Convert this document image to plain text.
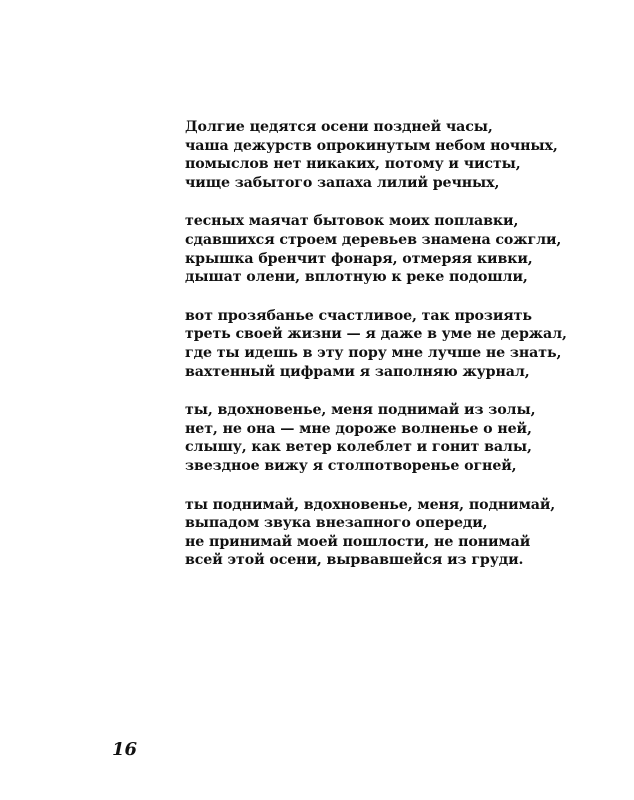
Долгие цедятся осени поздней часы,
чаша дежурств опрокинутым небом ночных,
помыслов нет никаких, потому и чисты,
чище забытого запаха лилий речных,
тесных маячат бытовок моих поплавки,
сдавшихся строем деревьев знамена сожгли,
крышка бренчит фонаря, отмеряя кивки,
дышат олени, вплотную к реке подошли,
вот прозябанье счастливое, так прозиять
треть своей жизни — я даже в уме не держал,
где ты идешь в эту пору мне лучше не знать,
вахтенный цифрами я заполняю журнал,
ты, вдохновенье, меня поднимай из золы,
нет, не она — мне дороже волненье о ней,
слышу, как ветер колеблет и гонит валы,
звездное вижу я столпотворенье огней,
ты поднимай, вдохновенье, меня, поднимай,
выпадом звука внезапного опереди,
не принимай моей пошлости, не понимай
всей этой осени, вырвавшейся из груди.
16
